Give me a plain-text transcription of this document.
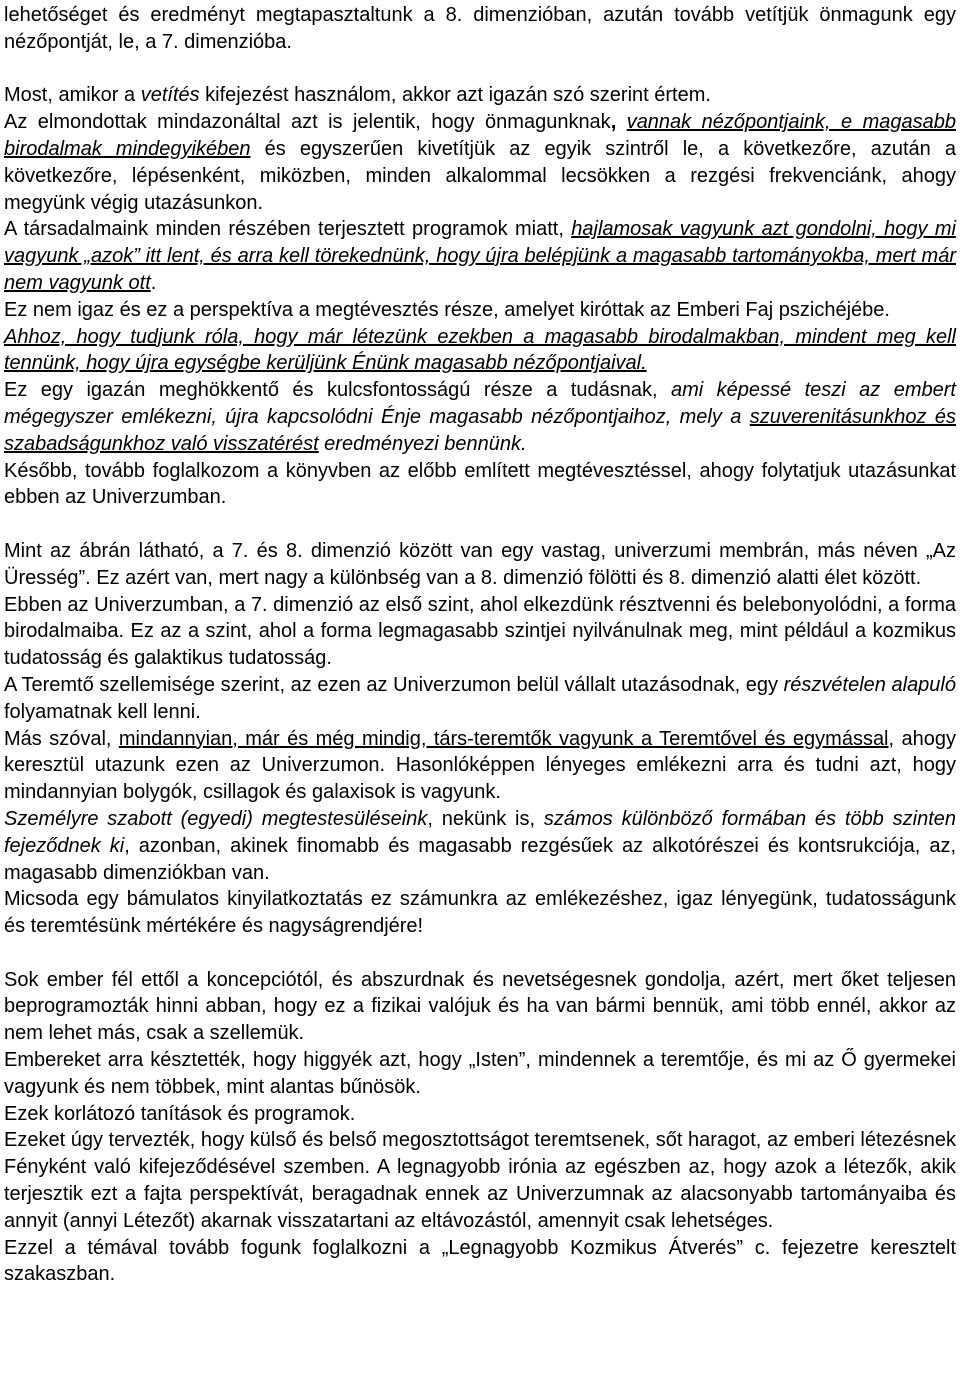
lehetőséget és eredményt megtapasztaltunk a 8. dimenzióban, azután tovább vetítjük önmagunk egy nézőpontját, le, a 7. dimenzióba.

Most, amikor a vetítés kifejezést használom, akkor azt igazán szó szerint értem.

Az elmondottak mindazonáltal azt is jelentik, hogy önmagunknak, vannak nézőpontjaink, e magasabb birodalmak mindegyikében és egyszerűen kivetítjük az egyik szintről le, a következőre, azután a következőre, lépésenként, miközben, minden alkalommal lecsökken a rezgési frekvenciánk, ahogy megyünk végig utazásunkon.

A társadalmaink minden részében terjesztett programok miatt, hajlamosak vagyunk azt gondolni, hogy mi vagyunk „azok” itt lent, és arra kell törekednünk, hogy újra belépjünk a magasabb tartományokba, mert már nem vagyunk ott.

Ez nem igaz és ez a perspektíva a megtévesztés része, amelyet kiróttak az Emberi Faj pszichéjébe.

Ahhoz, hogy tudjunk róla, hogy már létezünk ezekben a magasabb birodalmakban, mindent meg kell tennünk, hogy újra egységbe kerüljünk Énünk magasabb nézőpontjaival.

Ez egy igazán meghökkentő és kulcsfontosságú része a tudásnak, ami képessé teszi az embert mégegyszer emlékezni, újra kapcsolódni Énje magasabb nézőpontjaihoz, mely a szuverenitásunkhoz és szabadságunkhoz való visszatérést eredményezi bennünk.

Később, tovább foglalkozom a könyvben az előbb említett megtévesztéssel, ahogy folytatjuk utazásunkat ebben az Univerzumban.

Mint az ábrán látható, a 7. és 8. dimenzió között van egy vastag, univerzumi membrán, más néven „Az Üresség”. Ez azért van, mert nagy a különbség van a 8. dimenzió fölötti és 8. dimenzió alatti élet között.

Ebben az Univerzumban, a 7. dimenzió az első szint, ahol elkezdünk résztvenni és belebonyolódni, a forma birodalmaiba. Ez az a szint, ahol a forma legmagasabb szintjei nyilvánulnak meg, mint például a kozmikus tudatosság és galaktikus tudatosság.

A Teremtő szellemisége szerint, az ezen az Univerzumon belül vállalt utazásodnak, egy részvételen alapuló folyamatnak kell lenni.

Más szóval, mindannyian, már és még mindig, társ-teremtők vagyunk a Teremtővel és egymással, ahogy keresztül utazunk ezen az Univerzumon. Hasonlóképpen lényeges emlékezni arra és tudni azt, hogy mindannyian bolygók, csillagok és galaxisok is vagyunk.

Személyre szabott (egyedi) megtestesüléseink, nekünk is, számos különböző formában és több szinten fejeződnek ki, azonban, akinek finomabb és magasabb rezgésűek az alkotórészei és kontsrukciója, az, magasabb dimenziókban van.

Micsoda egy bámulatos kinyilatkoztatás ez számunkra az emlékezéshez, igaz lényegünk, tudatosságunk és teremtésünk mértékére és nagyságrendjére!

Sok ember fél ettől a koncepciótól, és abszurdnak és nevetségesnek gondolja, azért, mert őket teljesen beprogramozták hinni abban, hogy ez a fizikai valójuk és ha van bármi bennük, ami több ennél, akkor az nem lehet más, csak a szellemük.

Embereket arra késztették, hogy higgyék azt, hogy „Isten”, mindennek a teremtője, és mi az Ő gyermekei vagyunk és nem többek, mint alantas bűnösök.

Ezek korlátozó tanítások és programok.

Ezeket úgy tervezték, hogy külső és belső megosztottságot teremtsenek, sőt haragot, az emberi létezésnek Fényként való kifejeződésével szemben. A legnagyobb iróniа az egészben az, hogy azok a létezők, akik terjesztik ezt a fajta perspektívát, beragadnak ennek az Univerzumnak az alacsonyabb tartományaiba és annyit (annyi Létezőt) akarnak visszatartani az eltávozástól, amennyit csak lehetséges.

Ezzel a témával tovább fogunk foglalkozni a „Legnagyobb Kozmikus Átverés” c. fejezetre keresztelt szakaszban.
